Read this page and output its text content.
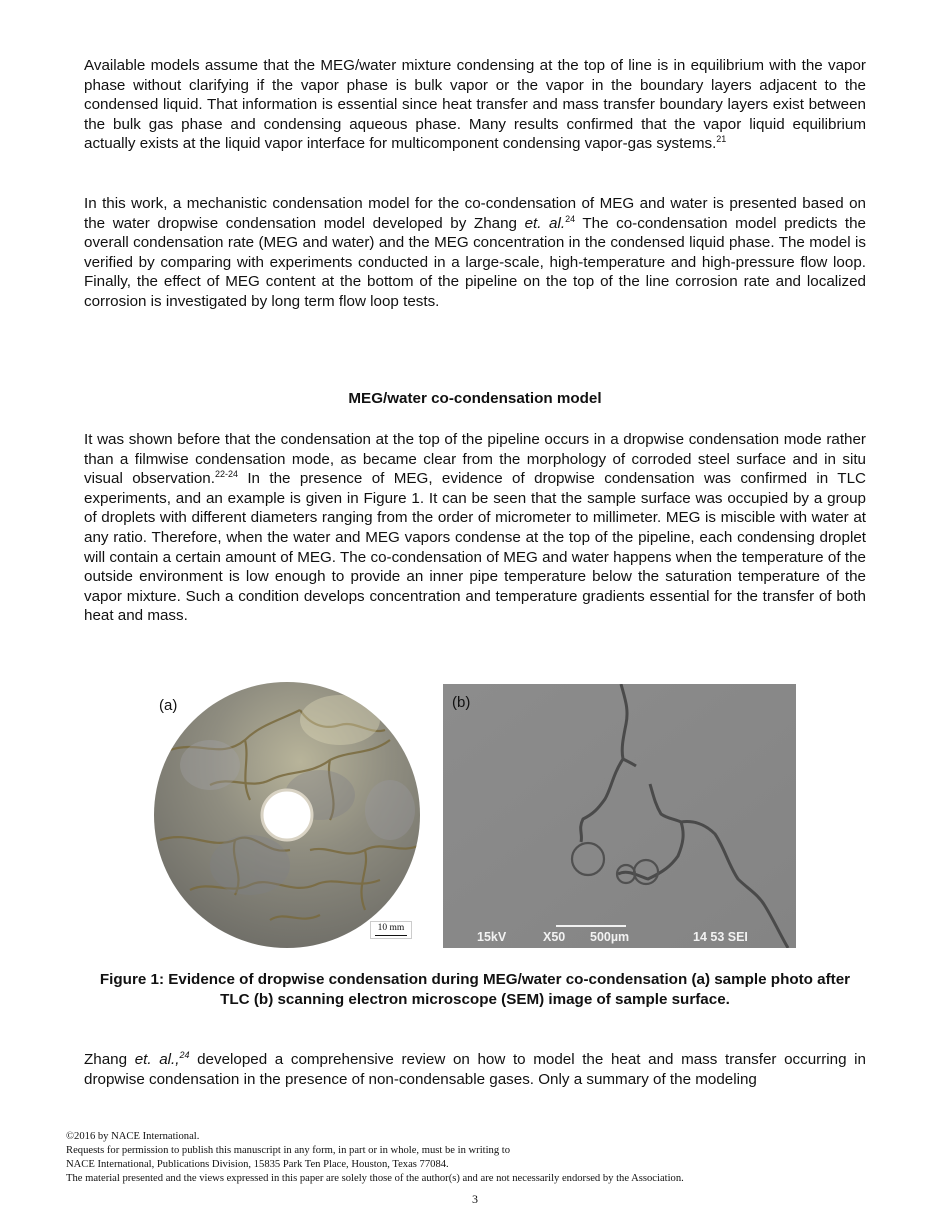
Available models assume that the MEG/water mixture condensing at the top of line is in equilibrium with the vapor phase without clarifying if the vapor phase is bulk vapor or the vapor in the boundary layers adjacent to the condensed liquid. That information is essential since heat transfer and mass transfer boundary layers exist between the bulk gas phase and condensing aqueous phase. Many results confirmed that the vapor liquid equilibrium actually exists at the liquid vapor interface for multicomponent condensing vapor-gas systems.$^{21}$

In this work, a mechanistic condensation model for the co-condensation of MEG and water is presented based on the water dropwise condensation model developed by Zhang et. al.$^{24}$ The co-condensation model predicts the overall condensation rate (MEG and water) and the MEG concentration in the condensed liquid phase. The model is verified by comparing with experiments conducted in a large-scale, high-temperature and high-pressure flow loop. Finally, the effect of MEG content at the bottom of the pipeline on the top of the line corrosion rate and localized corrosion is investigated by long term flow loop tests.

MEG/water co-condensation model

It was shown before that the condensation at the top of the pipeline occurs in a dropwise condensation mode rather than a filmwise condensation mode, as became clear from the morphology of corroded steel surface and in situ visual observation.$^{22-24}$ In the presence of MEG, evidence of dropwise condensation was confirmed in TLC experiments, and an example is given in Figure 1. It can be seen that the sample surface was occupied by a group of droplets with different diameters ranging from the order of micrometer to millimeter. MEG is miscible with water at any ratio. Therefore, when the water and MEG vapors condense at the top of the pipeline, each condensing droplet will contain a certain amount of MEG. The co-condensation of MEG and water happens when the temperature of the outside environment is low enough to provide an inner pipe temperature below the saturation temperature of the vapor mixture. Such a condition develops concentration and temperature gradients essential for the transfer of both heat and mass.

(a)
10 mm
15kV	X50 500µm	14 53 SEI
(b)

Figure 1: Evidence of dropwise condensation during MEG/water co-condensation (a) sample photo after TLC (b) scanning electron microscope (SEM) image of sample surface.

Zhang et. al.,$^{24}$ developed a comprehensive review on how to model the heat and mass transfer occurring in dropwise condensation in the presence of non-condensable gases. Only a summary of the modeling

©2016 by NACE International.
Requests for permission to publish this manuscript in any form, in part or in whole, must be in writing to
NACE International, Publications Division, 15835 Park Ten Place, Houston, Texas 77084.
The material presented and the views expressed in this paper are solely those of the author(s) and are not necessarily endorsed by the Association.
3
